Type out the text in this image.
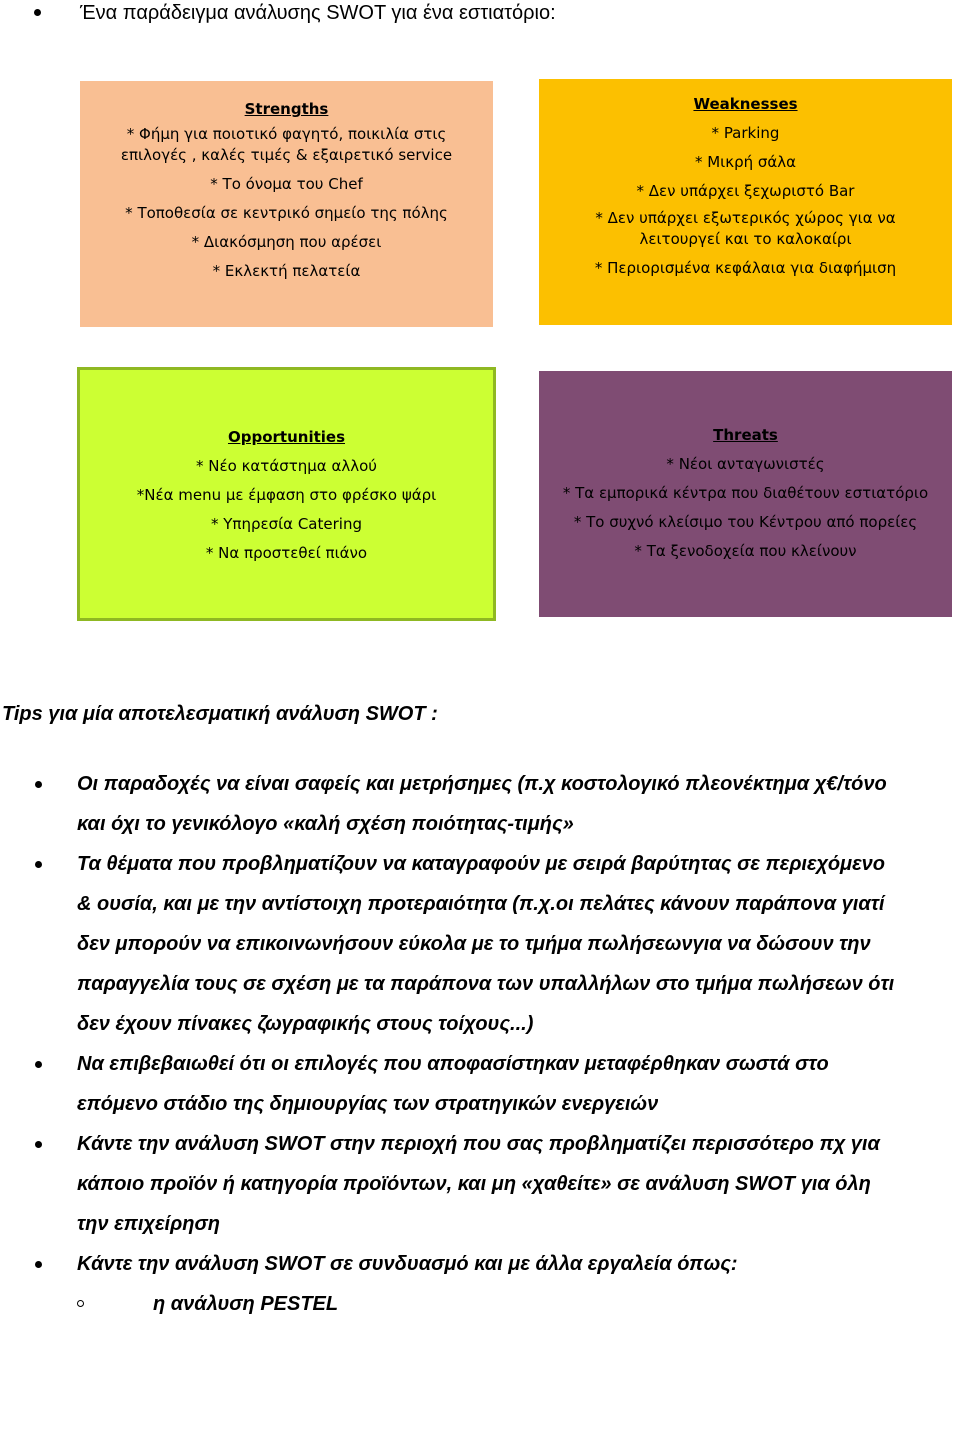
Ένα παράδειγμα ανάλυσης SWOT για ένα εστιατόριο:
Strengths
* Φήμη για ποιοτικό φαγητό, ποικιλία στις επιλογές , καλές τιμές & εξαιρετικό service
* Το όνομα του Chef
* Τοποθεσία σε κεντρικό σημείο της πόλης
* Διακόσμηση που αρέσει
* Εκλεκτή πελατεία
Weaknesses
* Parking
* Μικρή σάλα
* Δεν υπάρχει ξεχωριστό Bar
* Δεν υπάρχει εξωτερικός χώρος για να λειτουργεί και το καλοκαίρι
* Περιορισμένα κεφάλαια για διαφήμιση
Opportunities
* Νέο κατάστημα αλλού
*Νέα menu με έμφαση στο φρέσκο ψάρι
* Υπηρεσία Catering
* Να προστεθεί πιάνο
Threats
* Νέοι ανταγωνιστές
* Τα εμπορικά κέντρα που διαθέτουν εστιατόριο
* Το συχνό κλείσιμο του Κέντρου από πορείες
* Τα ξενοδοχεία που κλείνουν
Tips για μία αποτελεσματική ανάλυση SWOT :
Οι παραδοχές να είναι σαφείς και μετρήσημες (π.χ κοστολογικό πλεονέκτημα χ€/τόνο και όχι το γενικόλογο «καλή σχέση ποιότητας-τιμής»
Τα θέματα που προβληματίζουν να καταγραφούν με σειρά βαρύτητας σε περιεχόμενο & ουσία, και με την αντίστοιχη προτεραιότητα (π.χ.οι πελάτες κάνουν παράπονα γιατί δεν μπορούν να επικοινωνήσουν εύκολα με το τμήμα πωλήσεωνγια να δώσουν την παραγγελία τους σε σχέση με τα παράπονα των υπαλλήλων στο τμήμα πωλήσεων ότι δεν έχουν πίνακες ζωγραφικής στους τοίχους...)
Να επιβεβαιωθεί ότι οι επιλογές που αποφασίστηκαν μεταφέρθηκαν σωστά στο επόμενο στάδιο της δημιουργίας των στρατηγικών ενεργειών
Κάντε την ανάλυση SWOT στην περιοχή που σας προβληματίζει περισσότερο πχ για κάποιο προϊόν ή κατηγορία προϊόντων, και μη «χαθείτε» σε ανάλυση SWOT για όλη την επιχείρηση
Κάντε την ανάλυση SWOT σε συνδυασμό και με άλλα εργαλεία όπως:
η ανάλυση PESTEL
